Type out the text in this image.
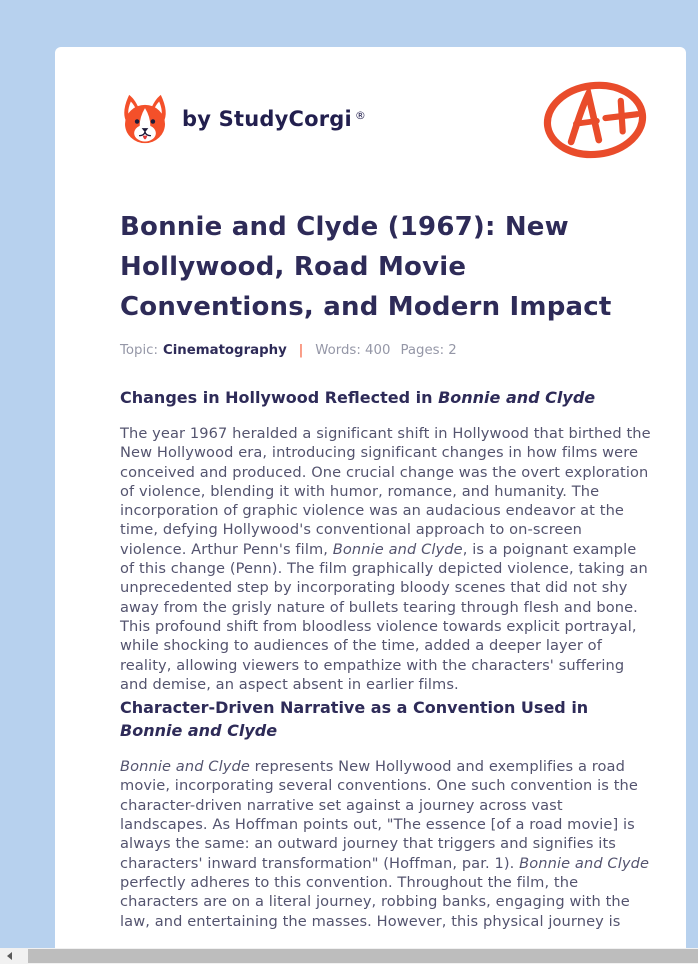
by StudyCorgi ®
Bonnie and Clyde (1967): New Hollywood, Road Movie Conventions, and Modern Impact
Topic: Cinematography | Words: 400 Pages: 2
Changes in Hollywood Reflected in Bonnie and Clyde

The year 1967 heralded a significant shift in Hollywood that birthed the New Hollywood era, introducing significant changes in how films were conceived and produced. One crucial change was the overt exploration of violence, blending it with humor, romance, and humanity. The incorporation of graphic violence was an audacious endeavor at the time, defying Hollywood's conventional approach to on-screen violence. Arthur Penn's film, Bonnie and Clyde, is a poignant example of this change (Penn). The film graphically depicted violence, taking an unprecedented step by incorporating bloody scenes that did not shy away from the grisly nature of bullets tearing through flesh and bone. This profound shift from bloodless violence towards explicit portrayal, while shocking to audiences of the time, added a deeper layer of reality, allowing viewers to empathize with the characters' suffering and demise, an aspect absent in earlier films.

Character-Driven Narrative as a Convention Used in Bonnie and Clyde

Bonnie and Clyde represents New Hollywood and exemplifies a road movie, incorporating several conventions. One such convention is the character-driven narrative set against a journey across vast landscapes. As Hoffman points out, "The essence [of a road movie] is always the same: an outward journey that triggers and signifies its characters' inward transformation" (Hoffman, par. 1). Bonnie and Clyde perfectly adheres to this convention. Throughout the film, the characters are on a literal journey, robbing banks, engaging with the law, and entertaining the masses. However, this physical journey is
